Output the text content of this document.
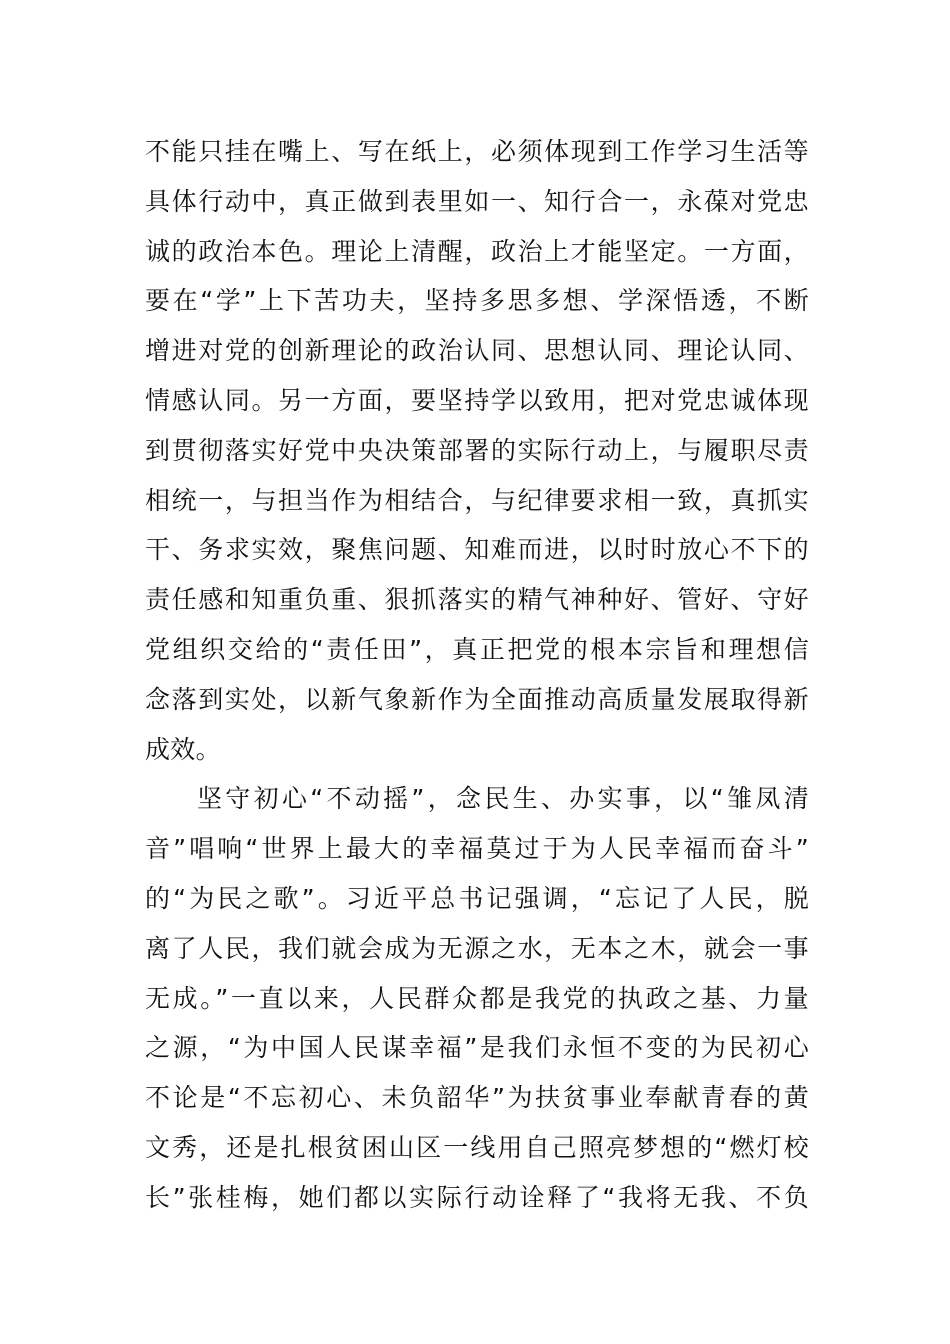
不能只挂在嘴上、写在纸上，必须体现到工作学习生活等
具体行动中，真正做到表里如一、知行合一，永葆对党忠
诚的政治本色。理论上清醒，政治上才能坚定。一方面，
要在“学”上下苦功夫，坚持多思多想、学深悟透，不断
增进对党的创新理论的政治认同、思想认同、理论认同、
情感认同。另一方面，要坚持学以致用，把对党忠诚体现
到贯彻落实好党中央决策部署的实际行动上，与履职尽责
相统一，与担当作为相结合，与纪律要求相一致，真抓实
干、务求实效，聚焦问题、知难而进，以时时放心不下的
责任感和知重负重、狠抓落实的精气神种好、管好、守好
党组织交给的“责任田”，真正把党的根本宗旨和理想信
念落到实处，以新气象新作为全面推动高质量发展取得新
成效。
坚守初心“不动摇”，念民生、办实事，以“雏凤清
音”唱响“世界上最大的幸福莫过于为人民幸福而奋斗”
的“为民之歌”。习近平总书记强调，“忘记了人民，脱
离了人民，我们就会成为无源之水，无本之木，就会一事
无成。”一直以来，人民群众都是我党的执政之基、力量
之源，“为中国人民谋幸福”是我们永恒不变的为民初心
不论是“不忘初心、未负韶华”为扶贫事业奉献青春的黄
文秀，还是扎根贫困山区一线用自己照亮梦想的“燃灯校
长”张桂梅，她们都以实际行动诠释了“我将无我、不负
